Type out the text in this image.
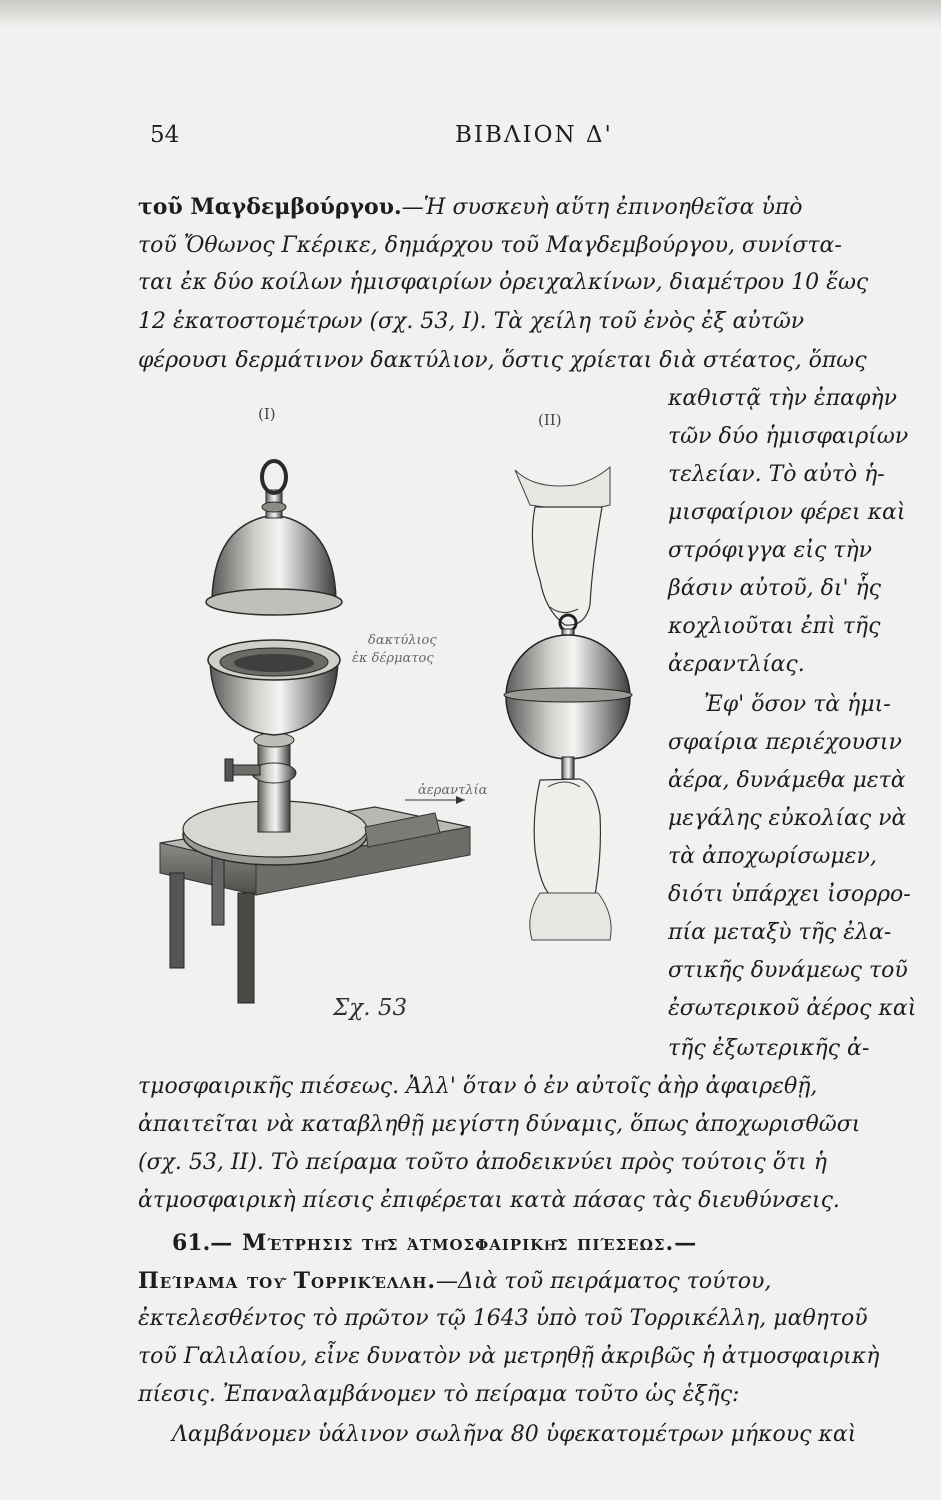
54	ΒΙΒΛΙΟΝ Δ'
τοῦ Μαγδεμβούργου.—Ἡ συσκευὴ αὕτη ἐπινοηθεῖσα ὑπὸ
τοῦ Ὄθωνος Γκέρικε, δημάρχου τοῦ Μαγδεμβούργου, συνίστα-
ται ἐκ δύο κοίλων ἡμισφαιρίων ὀρειχαλκίνων, διαμέτρου 10 ἕως
12 ἑκατοστομέτρων (σχ. 53, Ι). Τὰ χείλη τοῦ ἑνὸς ἐξ αὐτῶν
φέρουσι δερμάτινον δακτύλιον, ὅστις χρίεται διὰ στέατος, ὅπως
καθιστᾷ τὴν ἐπαφὴν
τῶν δύο ἡμισφαιρίων
τελείαν. Τὸ αὐτὸ ἡ-
μισφαίριον φέρει καὶ
στρόφιγγα εἰς τὴν
βάσιν αὐτοῦ, δι' ἧς
κοχλιοῦται ἐπὶ τῆς
ἀεραντλίας.
Ἐφ' ὅσον τὰ ἡμι-
σφαίρια περιέχουσιν
ἀέρα, δυνάμεθα μετὰ
μεγάλης εὐκολίας νὰ
τὰ ἀποχωρίσωμεν,
διότι ὑπάρχει ἰσορρο-
πία μεταξὺ τῆς ἐλα-
στικῆς δυνάμεως τοῦ
ἐσωτερικοῦ ἀέρος καὶ
τῆς ἐξωτερικῆς ἀ-
(Ι)	(ΙΙ)
δακτύλιος
ἐκ δέρματος
ἀεραντλία
Σχ. 53
τμοσφαιρικῆς πιέσεως. Ἀλλ' ὅταν ὁ ἐν αὐτοῖς ἀὴρ ἀφαιρεθῇ,
ἀπαιτεῖται νὰ καταβληθῇ μεγίστη δύναμις, ὅπως ἀποχωρισθῶσι
(σχ. 53, ΙΙ). Τὸ πείραμα τοῦτο ἀποδεικνύει πρὸς τούτοις ὅτι ἡ
ἀτμοσφαιρικὴ πίεσις ἐπιφέρεται κατὰ πάσας τὰς διευθύνσεις.
61.— Μέτρησις τῆς ἀτμοσφαιρικῆς πιέσεως.—
Πείραμα τοῦ Τορρικέλλη.—Διὰ τοῦ πειράματος τούτου,
ἐκτελεσθέντος τὸ πρῶτον τῷ 1643 ὑπὸ τοῦ Τορρικέλλη, μαθητοῦ
τοῦ Γαλιλαίου, εἶνε δυνατὸν νὰ μετρηθῇ ἀκριβῶς ἡ ἀτμοσφαιρικὴ
πίεσις. Ἐπαναλαμβάνομεν τὸ πείραμα τοῦτο ὡς ἑξῆς:
Λαμβάνομεν ὑάλινον σωλῆνα 80 ὑφεκατομέτρων μήκους καὶ
